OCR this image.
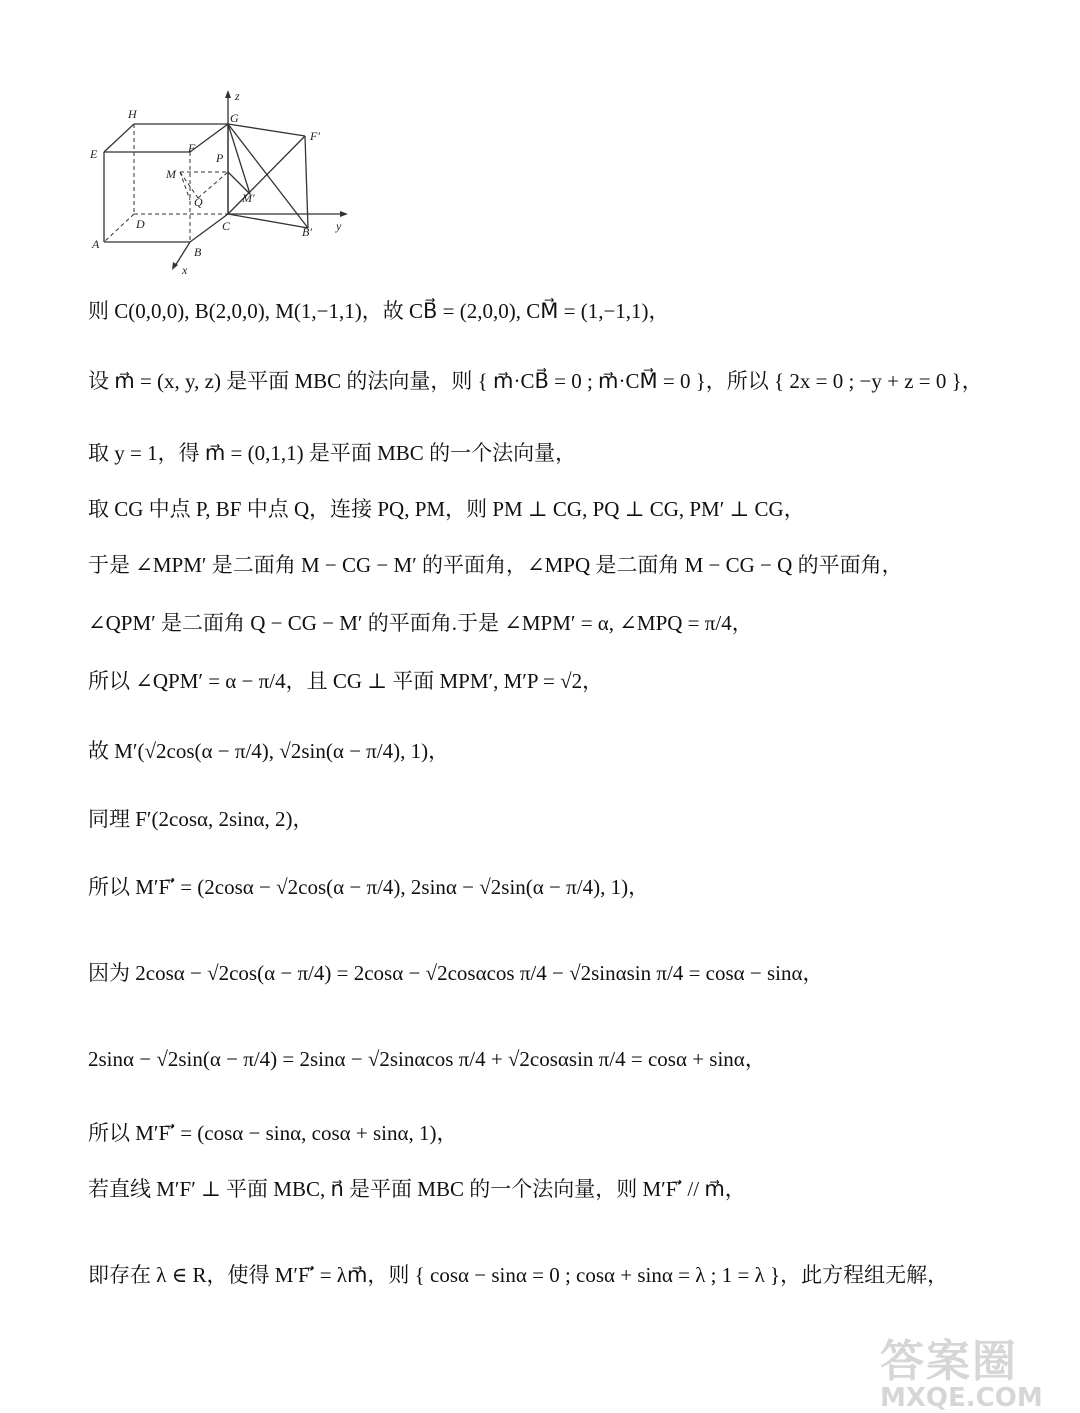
H
E	F
G
F′
z
M
P
Q	M′
D
A
B
C	B′
x
y
则 C(0,0,0), B(2,0,0), M(1,−1,1)，故 CB⃗ = (2,0,0), CM⃗ = (1,−1,1)，
设 m⃗ = (x, y, z) 是平面 MBC 的法向量，则 { m⃗·CB⃗ = 0 ; m⃗·CM⃗ = 0 }，所以 { 2x = 0 ; −y + z = 0 }，
取 y = 1，得 m⃗ = (0,1,1) 是平面 MBC 的一个法向量，
取 CG 中点 P, BF 中点 Q，连接 PQ, PM，则 PM ⊥ CG, PQ ⊥ CG, PM′ ⊥ CG，
于是 ∠MPM′ 是二面角 M − CG − M′ 的平面角，∠MPQ 是二面角 M − CG − Q 的平面角，
∠QPM′ 是二面角 Q − CG − M′ 的平面角.于是 ∠MPM′ = α, ∠MPQ = π/4，
所以 ∠QPM′ = α − π/4，且 CG ⊥ 平面 MPM′, M′P = √2，
故 M′(√2cos(α − π/4), √2sin(α − π/4), 1)，
同理 F′(2cosα, 2sinα, 2)，
所以 M′F′⃗ = (2cosα − √2cos(α − π/4), 2sinα − √2sin(α − π/4), 1)，
因为 2cosα − √2cos(α − π/4) = 2cosα − √2cosαcos π/4 − √2sinαsin π/4 = cosα − sinα，
2sinα − √2sin(α − π/4) = 2sinα − √2sinαcos π/4 + √2cosαsin π/4 = cosα + sinα，
所以 M′F′⃗ = (cosα − sinα, cosα + sinα, 1)，
若直线 M′F′ ⊥ 平面 MBC, n⃗ 是平面 MBC 的一个法向量，则 M′F′⃗ // m⃗，
即存在 λ ∈ R，使得 M′F′⃗ = λm⃗，则 { cosα − sinα = 0 ; cosα + sinα = λ ; 1 = λ }，此方程组无解，
答案圈
MXQE.COM
